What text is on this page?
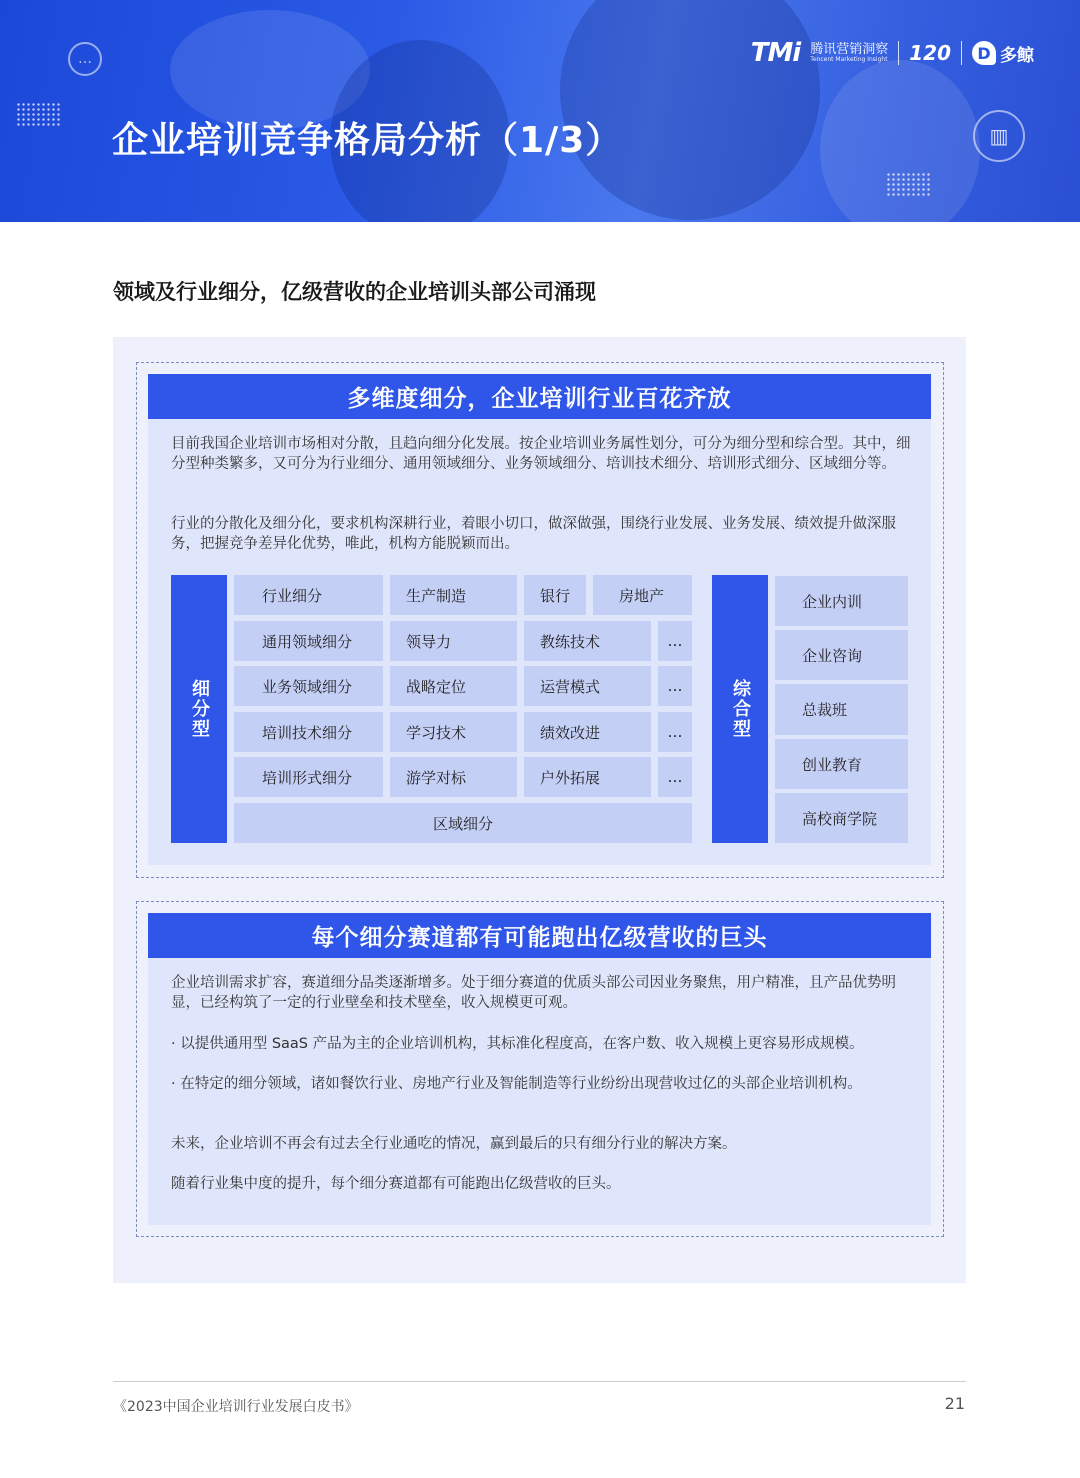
…
▥
企业培训竞争格局分析（1/3）
TMi 腾讯营销洞察
Tencent Marketing Insight 120	D 多鲸
领域及行业细分，亿级营收的企业培训头部公司涌现
多维度细分，企业培训行业百花齐放
目前我国企业培训市场相对分散，且趋向细分化发展。按企业培训业务属性划分，可分为细分型和综合型。其中，细分型种类繁多，又可分为行业细分、通用领域细分、业务领域细分、培训技术细分、培训形式细分、区域细分等。
行业的分散化及细分化，要求机构深耕行业，着眼小切口，做深做强，围绕行业发展、业务发展、绩效提升做深服务，把握竞争差异化优势，唯此，机构方能脱颖而出。
细分型
行业细分	生产制造	银行	房地产
通用领域细分	领导力	教练技术	…
业务领域细分	战略定位	运营模式	…
培训技术细分	学习技术	绩效改进	…
培训形式细分	游学对标	户外拓展	…
区域细分
综合型
企业内训
企业咨询
总裁班
创业教育
高校商学院
每个细分赛道都有可能跑出亿级营收的巨头
企业培训需求扩容，赛道细分品类逐渐增多。处于细分赛道的优质头部公司因业务聚焦，用户精准，且产品优势明显，已经构筑了一定的行业壁垒和技术壁垒，收入规模更可观。
· 以提供通用型 SaaS 产品为主的企业培训机构，其标准化程度高，在客户数、收入规模上更容易形成规模。
· 在特定的细分领域，诸如餐饮行业、房地产行业及智能制造等行业纷纷出现营收过亿的头部企业培训机构。
未来，企业培训不再会有过去全行业通吃的情况，赢到最后的只有细分行业的解决方案。
随着行业集中度的提升，每个细分赛道都有可能跑出亿级营收的巨头。
《2023中国企业培训行业发展白皮书》	21
